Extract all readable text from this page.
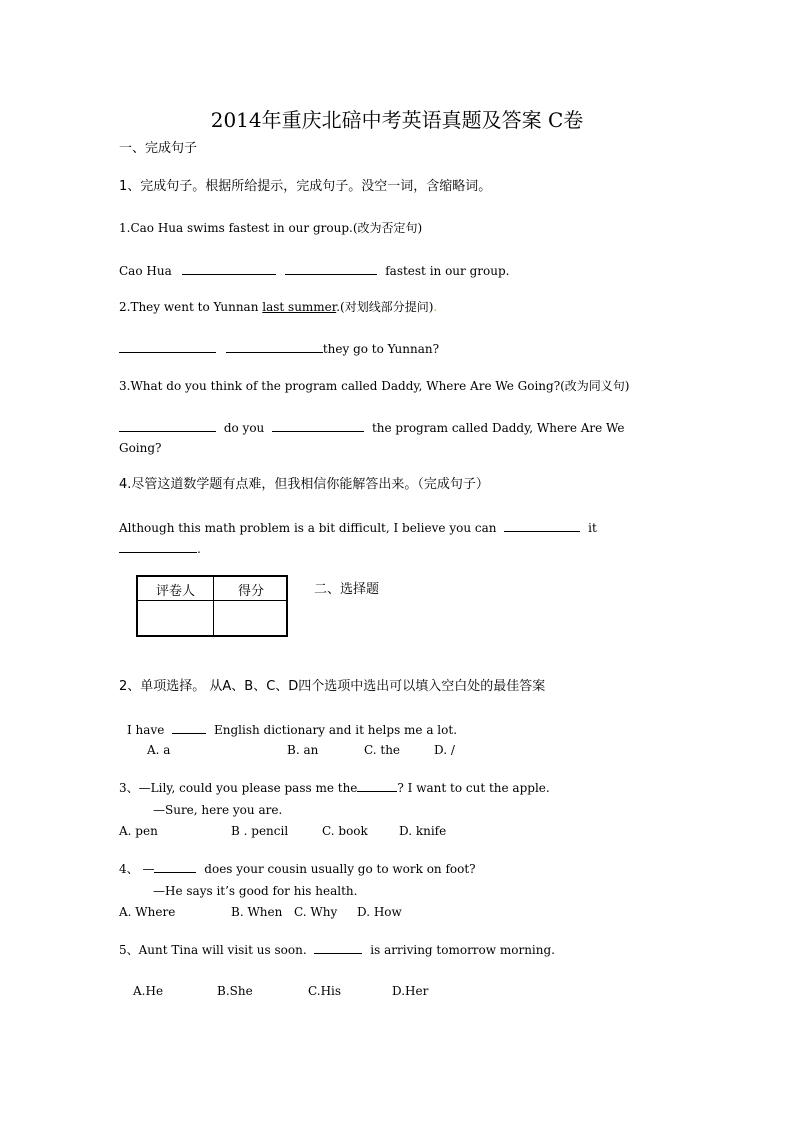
2014年重庆北碚中考英语真题及答案 C卷
一、完成句子
1、完成句子。根据所给提示，完成句子。没空一词，含缩略词。
1.Cao Hua swims fastest in our group.(改为否定句)
Cao Hua	fastest in our group.
2.They went to Yunnan last summer.(对划线部分提问).
they go to Yunnan?
3.What do you think of the program called Daddy, Where Are We Going?(改为同义句)
do you	the program called Daddy, Where Are We
Going?
4.尽管这道数学题有点难，但我相信你能解答出来。（完成句子）
Although this math problem is a bit difficult, I believe you can	it
.
评卷人	得分	二、选择题
2、单项选择。 从A、B、C、D四个选项中选出可以填入空白处的最佳答案
I have	English dictionary and it helps me a lot.
A. a	B. an	C. the	D. /
3、—Lily, could you please pass me the	? I want to cut the apple.
—Sure, here you are.
A. pen	B . pencil	C. book	D. knife
4、 —	does your cousin usually go to work on foot?
—He says it’s good for his health.
A. Where	B. When C. Why D. How
5、Aunt Tina will visit us soon.	is arriving tomorrow morning.
A.He	B.She	C.His	D.Her
